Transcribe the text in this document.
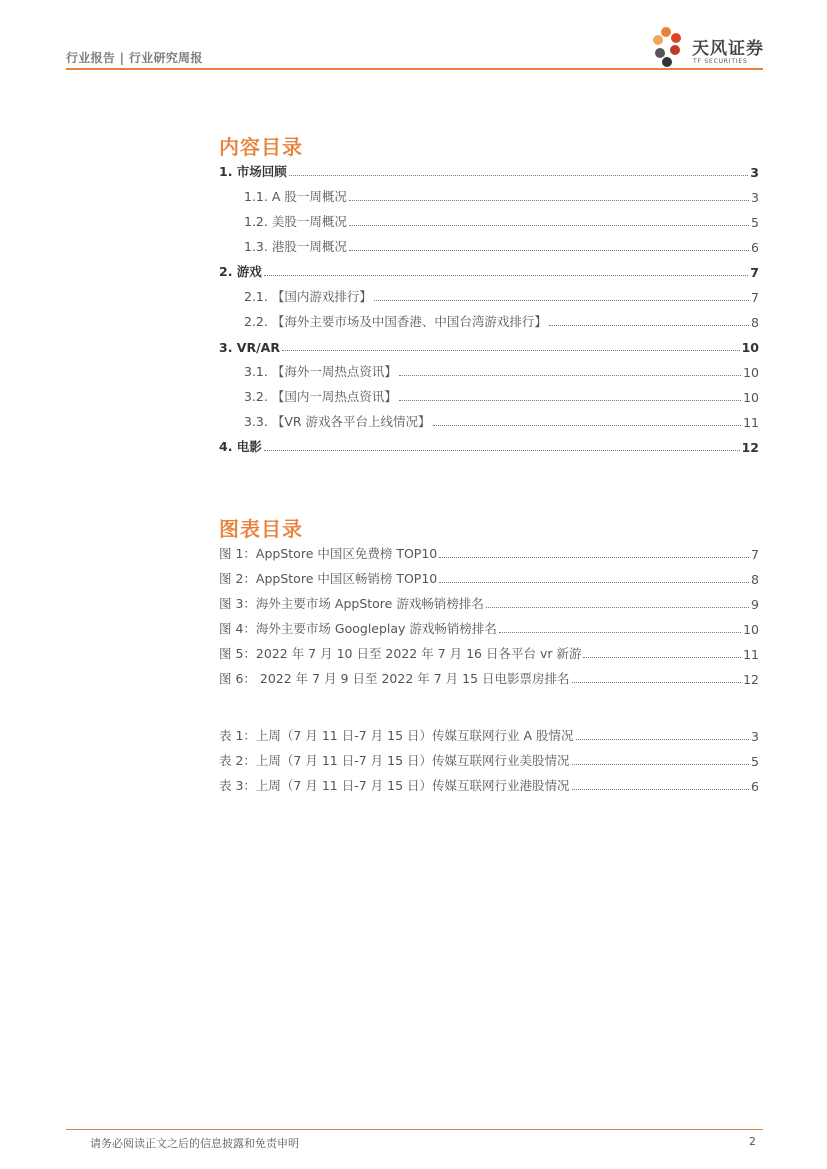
行业报告 | 行业研究周报	天风证券
TF SECURITIES
内容目录
1. 市场回顾	3
1.1. A 股一周概况	3
1.2. 美股一周概况	5
1.3. 港股一周概况	6
2. 游戏	7
2.1. 【国内游戏排行】	7
2.2. 【海外主要市场及中国香港、中国台湾游戏排行】	8
3. VR/AR	10
3.1. 【海外一周热点资讯】	10
3.2. 【国内一周热点资讯】	10
3.3. 【VR 游戏各平台上线情况】	11
4. 电影	12
图表目录
图 1：AppStore 中国区免费榜 TOP10	7
图 2：AppStore 中国区畅销榜 TOP10	8
图 3：海外主要市场 AppStore 游戏畅销榜排名	9
图 4：海外主要市场 Googleplay 游戏畅销榜排名	10
图 5：2022 年 7 月 10 日至 2022 年 7 月 16 日各平台 vr 新游	11
图 6： 2022 年 7 月 9 日至 2022 年 7 月 15 日电影票房排名	12
表 1：上周（7 月 11 日-7 月 15 日）传媒互联网行业 A 股情况	3
表 2：上周（7 月 11 日-7 月 15 日）传媒互联网行业美股情况	5
表 3：上周（7 月 11 日-7 月 15 日）传媒互联网行业港股情况	6
请务必阅读正文之后的信息披露和免责申明	2
